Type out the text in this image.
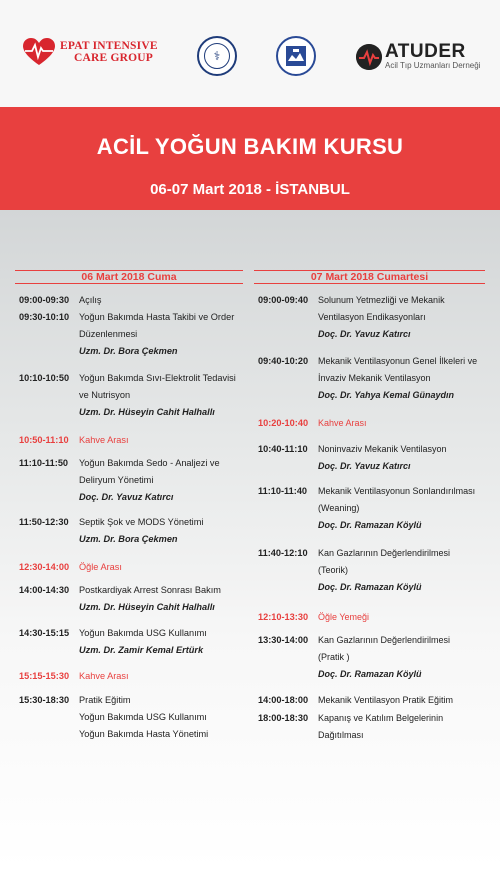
EPAT INTENSIVE
CARE GROUP	⚕	ATUDER
Acil Tıp Uzmanları Derneği
ACİL YOĞUN BAKIM KURSU
06-07 Mart 2018 - İSTANBUL
06 Mart 2018 Cuma
09:00-09:30	Açılış
09:30-10:10	Yoğun Bakımda Hasta Takibi ve Order
Düzenlenmesi
Uzm. Dr. Bora Çekmen
10:10-10:50	Yoğun Bakımda Sıvı-Elektrolit Tedavisi
ve Nutrisyon
Uzm. Dr. Hüseyin Cahit Halhallı
10:50-11:10	Kahve Arası
11:10-11:50	Yoğun Bakımda Sedo - Analjezi ve
Deliryum Yönetimi
Doç. Dr. Yavuz Katırcı
11:50-12:30	Septik Şok ve MODS Yönetimi
Uzm. Dr. Bora Çekmen
12:30-14:00	Öğle Arası
14:00-14:30	Postkardiyak Arrest Sonrası Bakım
Uzm. Dr. Hüseyin Cahit Halhallı
14:30-15:15	Yoğun Bakımda USG Kullanımı
Uzm. Dr. Zamir Kemal Ertürk
15:15-15:30	Kahve Arası
15:30-18:30	Pratik Eğitim
Yoğun Bakımda USG Kullanımı
Yoğun Bakımda Hasta Yönetimi
07 Mart 2018 Cumartesi
09:00-09:40	Solunum Yetmezliği ve Mekanik
Ventilasyon Endikasyonları
Doç. Dr. Yavuz Katırcı
09:40-10:20	Mekanik Ventilasyonun Genel İlkeleri ve
İnvaziv Mekanik Ventilasyon
Doç. Dr. Yahya Kemal Günaydın
10:20-10:40	Kahve Arası
10:40-11:10	Noninvaziv Mekanik Ventilasyon
Doç. Dr. Yavuz Katırcı
11:10-11:40	Mekanik Ventilasyonun Sonlandırılması
(Weaning)
Doç. Dr. Ramazan Köylü
11:40-12:10	Kan Gazlarının Değerlendirilmesi
(Teorik)
Doç. Dr. Ramazan Köylü
12:10-13:30	Öğle Yemeği
13:30-14:00	Kan Gazlarının Değerlendirilmesi
(Pratik )
Doç. Dr. Ramazan Köylü
14:00-18:00	Mekanik Ventilasyon Pratik Eğitim
18:00-18:30	Kapanış ve Katılım Belgelerinin
Dağıtılması
